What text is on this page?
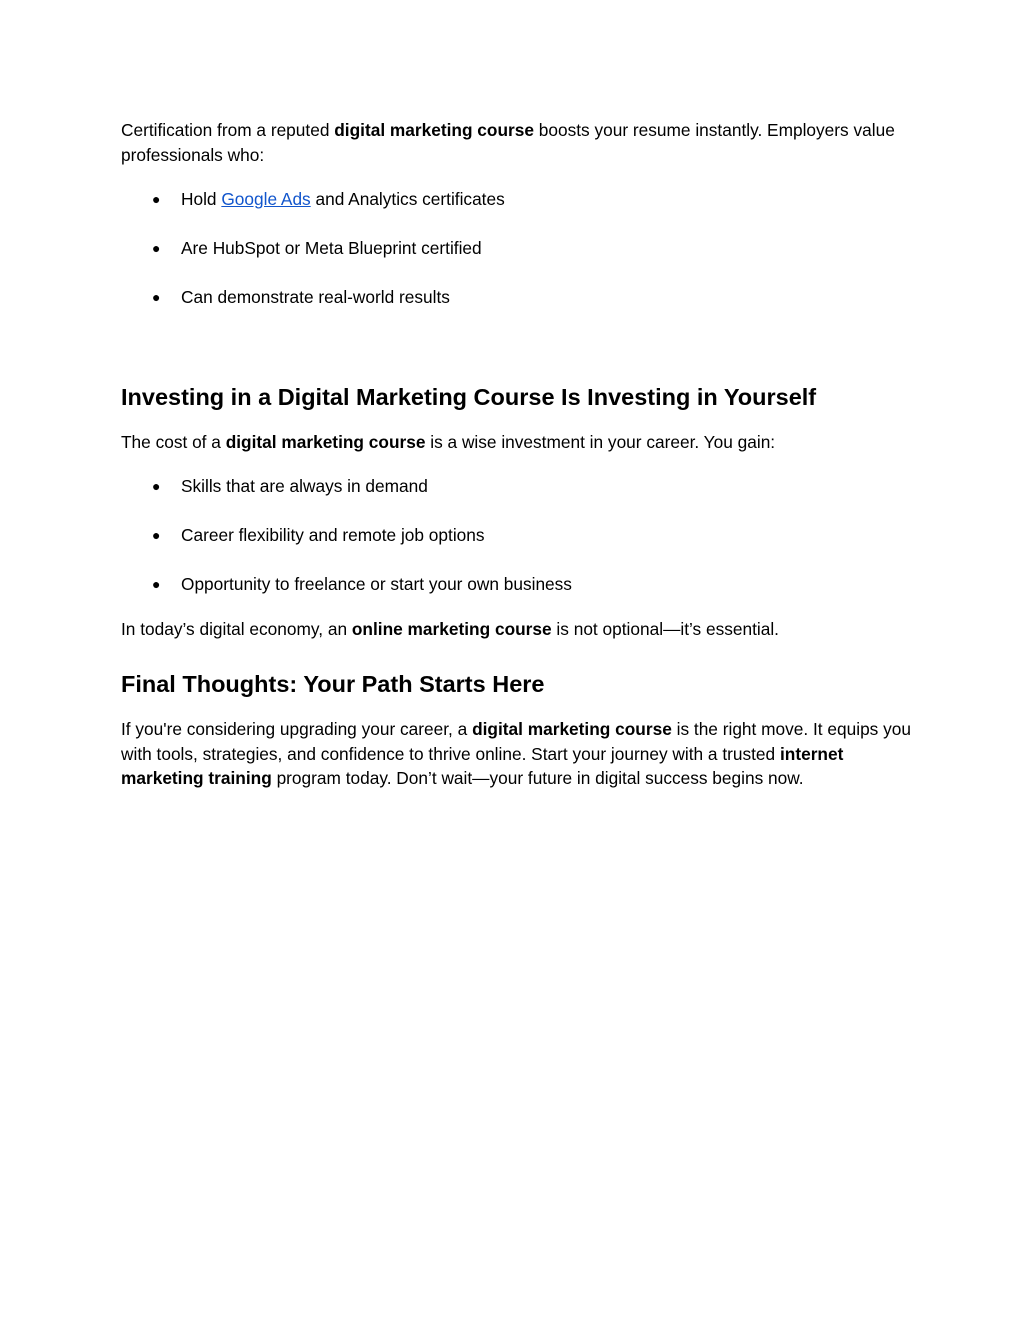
Certification from a reputed digital marketing course boosts your resume instantly. Employers value professionals who:

● Hold Google Ads and Analytics certificates
● Are HubSpot or Meta Blueprint certified
● Can demonstrate real-world results
Investing in a Digital Marketing Course Is Investing in Yourself

The cost of a digital marketing course is a wise investment in your career. You gain:

● Skills that are always in demand
● Career flexibility and remote job options
● Opportunity to freelance or start your own business

In today’s digital economy, an online marketing course is not optional—it’s essential.

Final Thoughts: Your Path Starts Here

If you're considering upgrading your career, a digital marketing course is the right move. It equips you with tools, strategies, and confidence to thrive online. Start your journey with a trusted internet marketing training program today. Don’t wait—your future in digital success begins now.
